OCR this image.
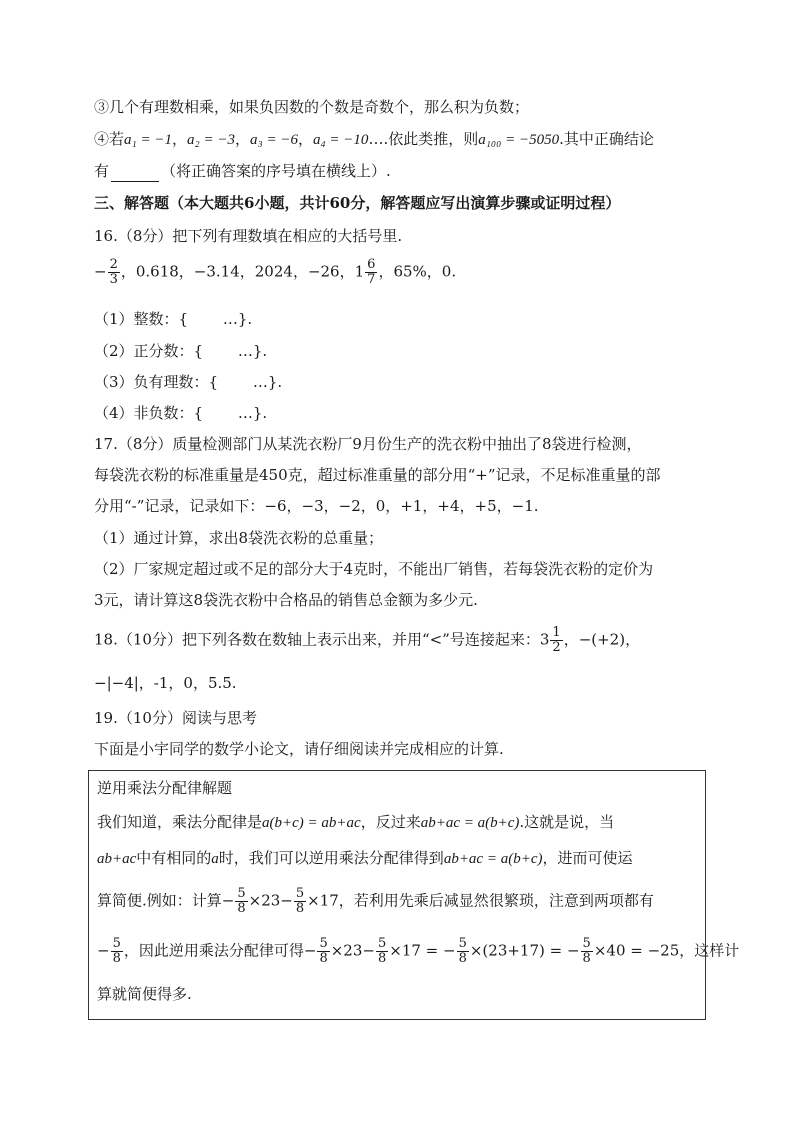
③几个有理数相乘，如果负因数的个数是奇数个，那么积为负数；
④若a₁ = −1，a₂ = −3，a₃ = −6，a₄ = −10….依此类推，则a₁₀₀ = −5050.其中正确结论
有	（将正确答案的序号填在横线上）.
三、解答题（本大题共6小题，共计60分，解答题应写出演算步骤或证明过程）
16.（8分）把下列有理数填在相应的大括号里.
− $\frac{2}{3}$ ，0.618，−3.14，2024，−26，$1 \frac{6}{7}$ ，65%，0.
（1）整数：{　　 …}.
（2）正分数：{　　 …}.
（3）负有理数：{　　 …}.
（4）非负数：{　　 …}.
17.（8分）质量检测部门从某洗衣粉厂9月份生产的洗衣粉中抽出了8袋进行检测，
每袋洗衣粉的标准重量是450克，超过标准重量的部分用“+”记录，不足标准重量的部
分用“-”记录，记录如下：−6，−3，−2，0，+1，+4，+5，−1.
（1）通过计算，求出8袋洗衣粉的总重量；
（2）厂家规定超过或不足的部分大于4克时，不能出厂销售，若每袋洗衣粉的定价为
3元，请计算这8袋洗衣粉中合格品的销售总金额为多少元.
18.（10分）把下列各数在数轴上表示出来，并用“<”号连接起来：$3 \frac{1}{2}$ ，−(+2)，
−|−4|，-1，0，5.5.
19.（10分）阅读与思考
下面是小宇同学的数学小论文，请仔细阅读并完成相应的计算.
逆用乘法分配律解题
我们知道，乘法分配律是a(b+c) = ab+ac，反过来ab+ac = a(b+c).这就是说，当
ab+ac中有相同的a时，我们可以逆用乘法分配律得到ab+ac = a(b+c)，进而可使运
算简便.例如：计算− $\frac{5}{8} \times 23- \frac{5}{8} \times 17$，若利用先乘后减显然很繁琐，注意到两项都有
− $\frac{5}{8}$ ，因此逆用乘法分配律可得− $\frac{5}{8} \times 23- \frac{5}{8} \times 17$ = − $\frac{5}{8} \times(23+17)$ = − $\frac{5}{8} \times 40 = -25$，这样计
算就简便得多.
